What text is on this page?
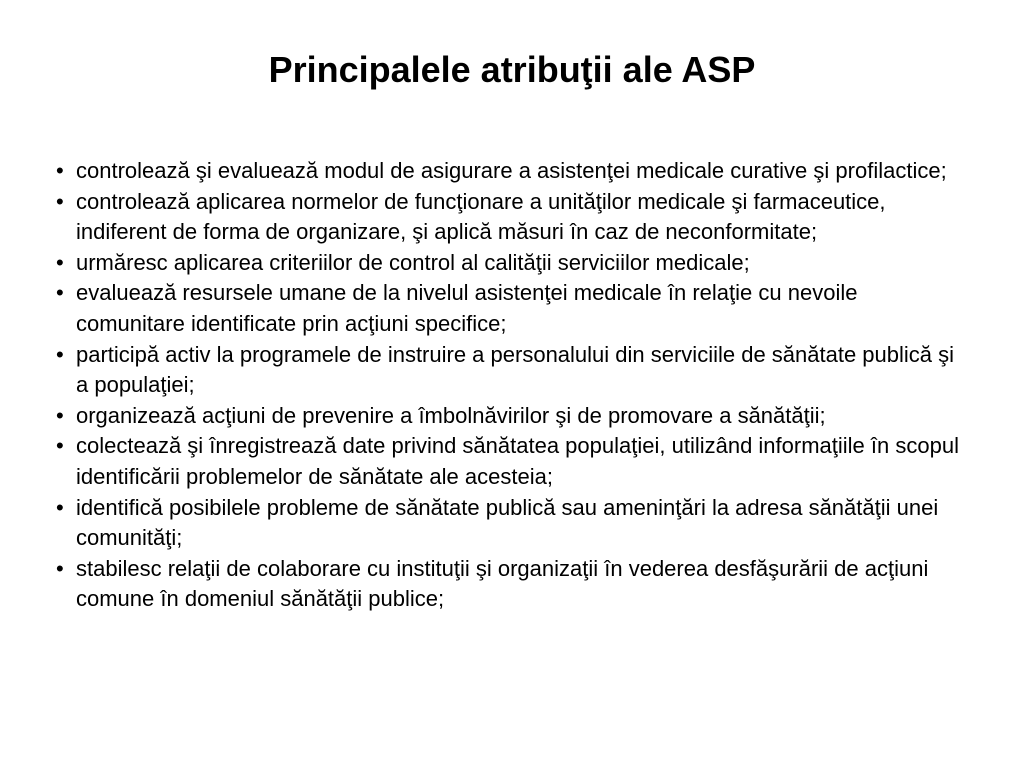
Principalele atribuţii ale ASP
• controlează şi evaluează modul de asigurare a asistenţei medicale curative şi profilactice;
• controlează aplicarea normelor de funcţionare a unităţilor medicale şi farmaceutice, indiferent de forma de organizare, şi aplică măsuri în caz de neconformitate;
• urmăresc aplicarea criteriilor de control al calităţii serviciilor medicale;
• evaluează resursele umane de la nivelul asistenţei medicale în relaţie cu nevoile comunitare identificate prin acţiuni specifice;
• participă activ la programele de instruire a personalului din serviciile de sănătate publică şi a populaţiei;
• organizează acţiuni de prevenire a îmbolnăvirilor şi de promovare a sănătăţii;
• colectează şi înregistrează date privind sănătatea populaţiei, utilizând informaţiile în scopul identificării problemelor de sănătate ale acesteia;
• identifică posibilele probleme de sănătate publică sau ameninţări la adresa sănătăţii unei comunităţi;
• stabilesc relaţii de colaborare cu instituţii şi organizaţii în vederea desfăşurării de acţiuni comune în domeniul sănătăţii publice;
